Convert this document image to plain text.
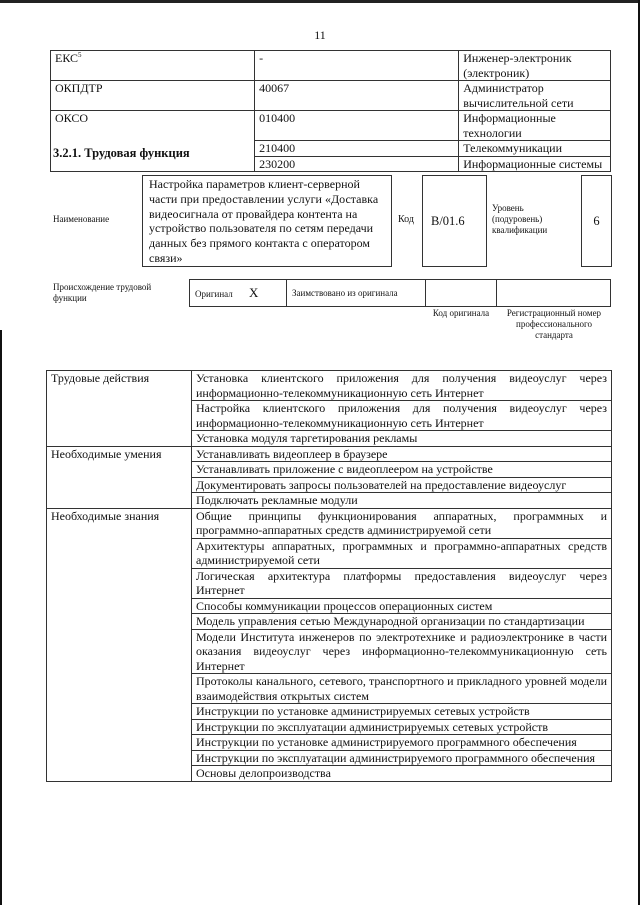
11
ЕКС$^5$	-	Инженер-электроник (электроник)
ОКПДТР	40067	Администратор вычислительной сети
ОКСО	010400	Информационные технологии
	210400	Телекоммуникации
	230200	Информационные системы
3.2.1. Трудовая функция
Наименование
Настройка параметров клиент-серверной части при предоставлении услуги «Доставка видеосигнала от провайдера контента на устройство пользователя по сетям передачи данных без прямого контакта с оператором связи»
Код B/01.6
Уровень (подуровень) квалификации
6
Происхождение трудовой функции	Оригинал X	Заимствовано из оригинала		
Код оригинала	Регистрационный номер профессионального стандарта
Трудовые действия	Установка клиентского приложения для получения видеоуслуг через информационно-телекоммуникационную сеть Интернет
	Настройка клиентского приложения для получения видеоуслуг через информационно-телекоммуникационную сеть Интернет
	Установка модуля таргетирования рекламы
Необходимые умения	Устанавливать видеоплеер в браузере
	Устанавливать приложение с видеоплеером на устройстве
	Документировать запросы пользователей на предоставление видеоуслуг
	Подключать рекламные модули
Необходимые знания	Общие принципы функционирования аппаратных, программных и программно-аппаратных средств администрируемой сети
	Архитектуры аппаратных, программных и программно-аппаратных средств администрируемой сети
	Логическая архитектура платформы предоставления видеоуслуг через Интернет
	Способы коммуникации процессов операционных систем
	Модель управления сетью Международной организации по стандартизации
	Модели Института инженеров по электротехнике и радиоэлектронике в части оказания видеоуслуг через информационно-телекоммуникационную сеть Интернет
	Протоколы канального, сетевого, транспортного и прикладного уровней модели взаимодействия открытых систем
	Инструкции по установке администрируемых сетевых устройств
	Инструкции по эксплуатации администрируемых сетевых устройств
	Инструкции по установке администрируемого программного обеспечения
	Инструкции по эксплуатации администрируемого программного обеспечения
	Основы делопроизводства
